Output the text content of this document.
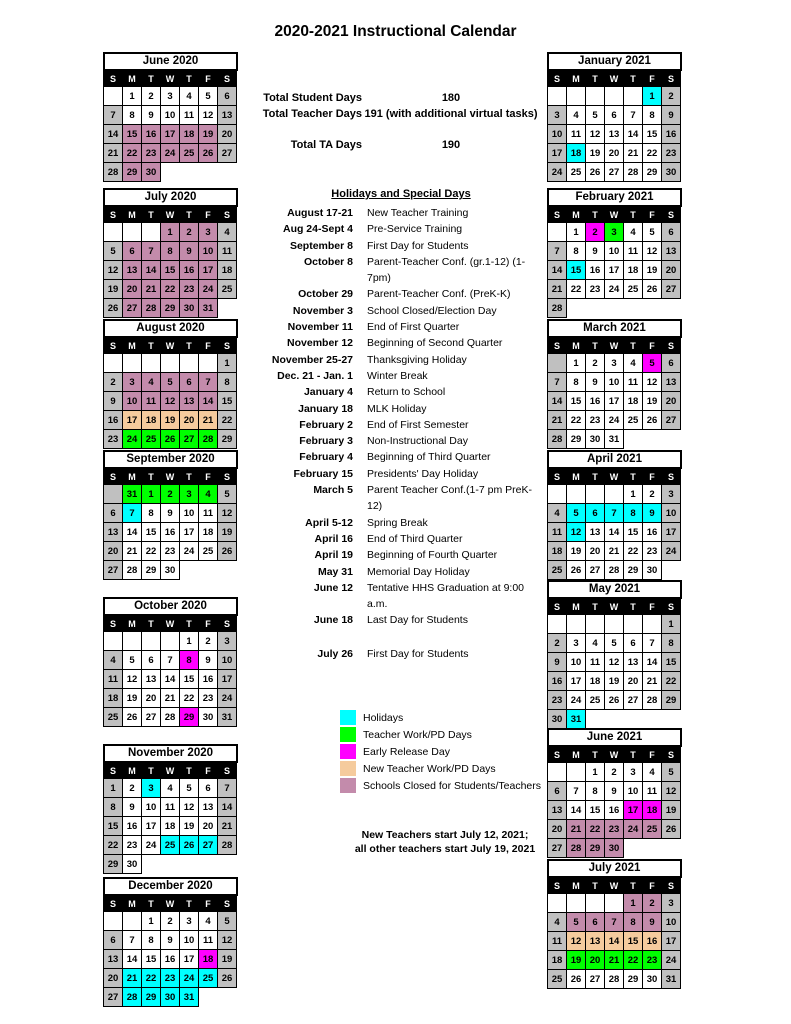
2020-2021 Instructional Calendar
June 2020
S	M	T	W	T	F	S
	1	2	3	4	5	6
7	8	9	10	11	12	13
14	15	16	17	18	19	20
21	22	23	24	25	26	27
28	29	30				
July 2020
S	M	T	W	T	F	S
			1	2	3	4
5	6	7	8	9	10	11
12	13	14	15	16	17	18
19	20	21	22	23	24	25
26	27	28	29	30	31	
August 2020
S	M	T	W	T	F	S
						1
2	3	4	5	6	7	8
9	10	11	12	13	14	15
16	17	18	19	20	21	22
23	24	25	26	27	28	29
September 2020
S	M	T	W	T	F	S
	31	1	2	3	4	5
6	7	8	9	10	11	12
13	14	15	16	17	18	19
20	21	22	23	24	25	26
27	28	29	30			
October 2020
S	M	T	W	T	F	S
				1	2	3
4	5	6	7	8	9	10
11	12	13	14	15	16	17
18	19	20	21	22	23	24
25	26	27	28	29	30	31
November 2020
S	M	T	W	T	F	S
1	2	3	4	5	6	7
8	9	10	11	12	13	14
15	16	17	18	19	20	21
22	23	24	25	26	27	28
29	30					
December 2020
S	M	T	W	T	F	S
		1	2	3	4	5
6	7	8	9	10	11	12
13	14	15	16	17	18	19
20	21	22	23	24	25	26
27	28	29	30	31		
January 2021
S	M	T	W	T	F	S
					1	2
3	4	5	6	7	8	9
10	11	12	13	14	15	16
17	18	19	20	21	22	23
24	25	26	27	28	29	30
February 2021
S	M	T	W	T	F	S
	1	2	3	4	5	6
7	8	9	10	11	12	13
14	15	16	17	18	19	20
21	22	23	24	25	26	27
28						
March 2021
S	M	T	W	T	F	S
	1	2	3	4	5	6
7	8	9	10	11	12	13
14	15	16	17	18	19	20
21	22	23	24	25	26	27
28	29	30	31			
April 2021
S	M	T	W	T	F	S
				1	2	3
4	5	6	7	8	9	10
11	12	13	14	15	16	17
18	19	20	21	22	23	24
25	26	27	28	29	30	
May 2021
S	M	T	W	T	F	S
						1
2	3	4	5	6	7	8
9	10	11	12	13	14	15
16	17	18	19	20	21	22
23	24	25	26	27	28	29
30	31					
June 2021
S	M	T	W	T	F	S
		1	2	3	4	5
6	7	8	9	10	11	12
13	14	15	16	17	18	19
20	21	22	23	24	25	26
27	28	29	30			
July 2021
S	M	T	W	T	F	S
				1	2	3
4	5	6	7	8	9	10
11	12	13	14	15	16	17
18	19	20	21	22	23	24
25	26	27	28	29	30	31
Total Student Days	180
Total Teacher Days 191 (with additional virtual tasks)
Total TA Days	190
Holidays and Special Days
August 17-21 New Teacher Training
Aug 24-Sept 4 Pre-Service Training
September 8 First Day for Students
October 8 Parent-Teacher Conf. (gr.1-12) (1-7pm)
October 29 Parent-Teacher Conf. (PreK-K)
November 3 School Closed/Election Day
November 11 End of First Quarter
November 12 Beginning of Second Quarter
November 25-27 Thanksgiving Holiday
Dec. 21 - Jan. 1 Winter Break
January 4 Return to School
January 18 MLK Holiday
February 2 End of First Semester
February 3 Non-Instructional Day
February 4 Beginning of Third Quarter
February 15 Presidents' Day Holiday
March 5 Parent Teacher Conf.(1-7 pm PreK-12)
April 5-12 Spring Break
April 16 End of Third Quarter
April 19 Beginning of Fourth Quarter
May 31 Memorial Day Holiday
June 12 Tentative HHS Graduation at 9:00 a.m.
June 18 Last Day for Students
July 26 First Day for Students
Holidays
Teacher Work/PD Days
Early Release Day
New Teacher Work/PD Days
Schools Closed for Students/Teachers
New Teachers start July 12, 2021;
all other teachers start July 19, 2021
